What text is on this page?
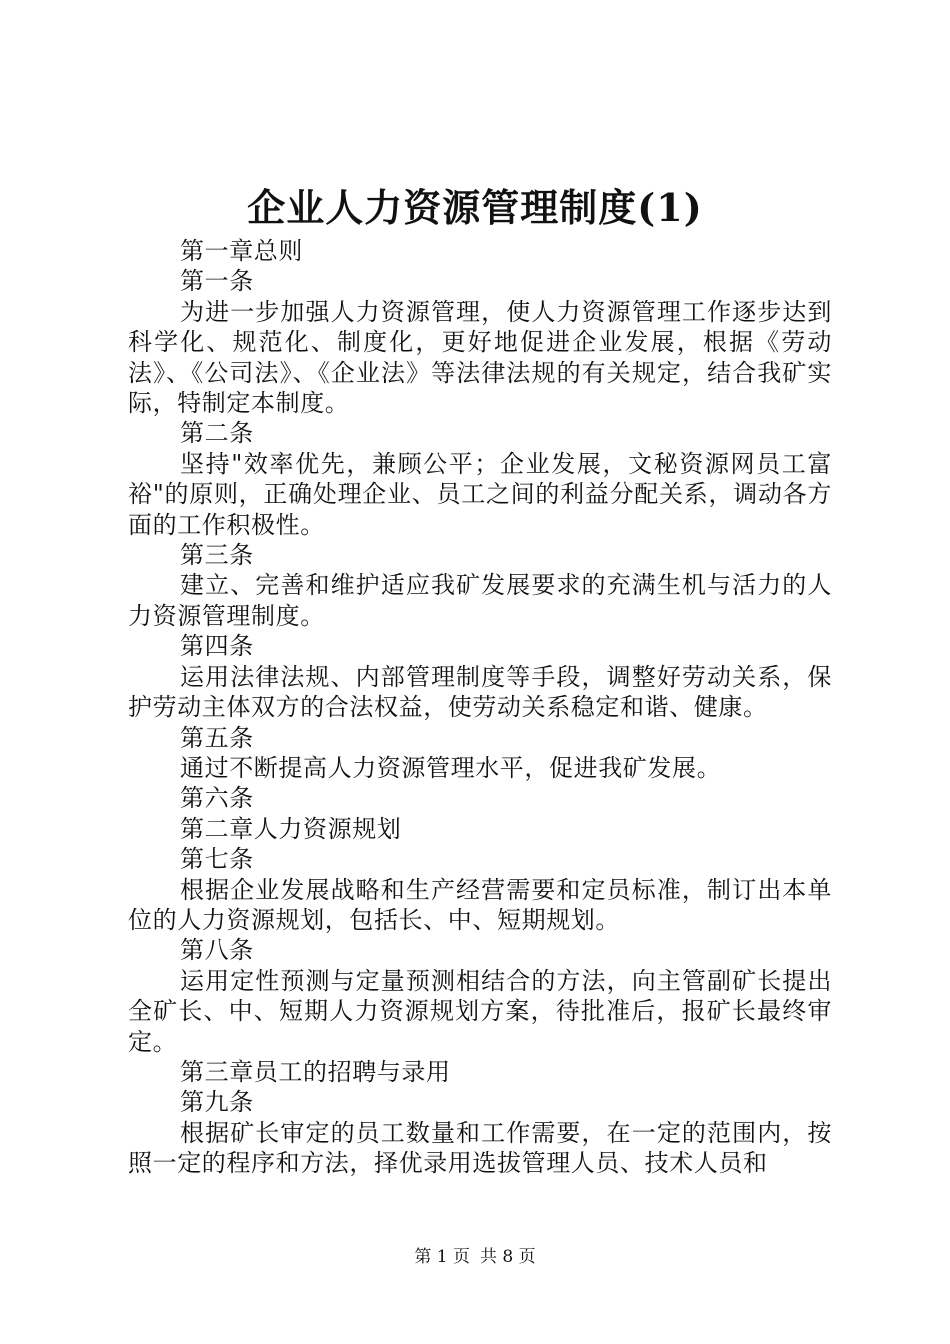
企业人力资源管理制度(1)

第一章总则

第一条

为进一步加强人力资源管理，使人力资源管理工作逐步达到科学化、规范化、制度化，更好地促进企业发展，根据《劳动法》、《公司法》、《企业法》等法律法规的有关规定，结合我矿实际，特制定本制度。

第二条

坚持"效率优先，兼顾公平；企业发展，文秘资源网员工富裕"的原则，正确处理企业、员工之间的利益分配关系，调动各方面的工作积极性。

第三条

建立、完善和维护适应我矿发展要求的充满生机与活力的人力资源管理制度。

第四条

运用法律法规、内部管理制度等手段，调整好劳动关系，保护劳动主体双方的合法权益，使劳动关系稳定和谐、健康。

第五条

通过不断提高人力资源管理水平，促进我矿发展。

第六条

第二章人力资源规划

第七条

根据企业发展战略和生产经营需要和定员标准，制订出本单位的人力资源规划，包括长、中、短期规划。

第八条

运用定性预测与定量预测相结合的方法，向主管副矿长提出全矿长、中、短期人力资源规划方案，待批准后，报矿长最终审定。

第三章员工的招聘与录用

第九条

根据矿长审定的员工数量和工作需要，在一定的范围内，按照一定的程序和方法，择优录用选拔管理人员、技术人员和

第 1 页 共 8 页
